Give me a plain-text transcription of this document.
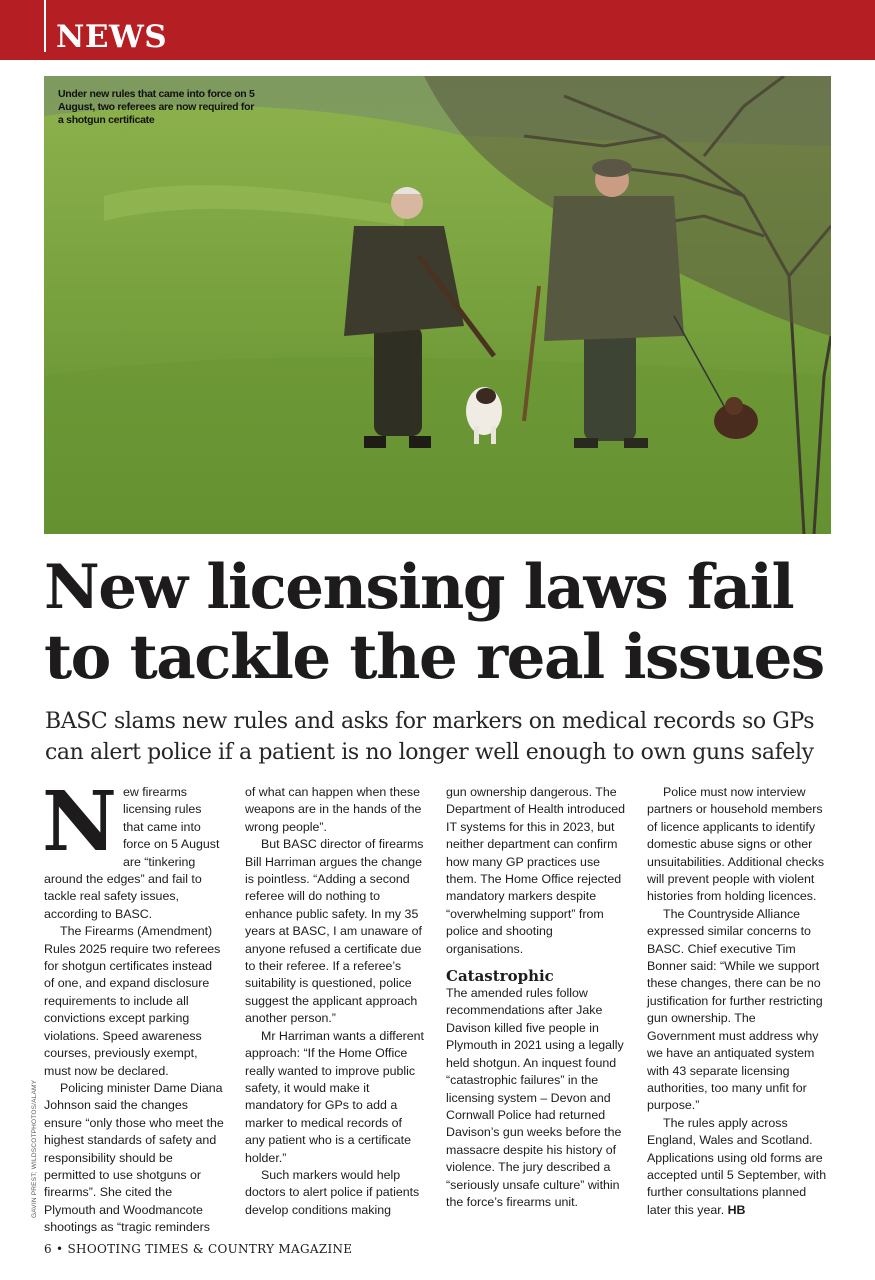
NEWS
Under new rules that came into force on 5 August, two referees are now required for a shotgun certificate
New licensing laws fail to tackle the real issues
BASC slams new rules and asks for markers on medical records so GPs can alert police if a patient is no longer well enough to own guns safely
N ew firearms licensing rules that came into force on 5 August are “tinkering around the edges” and fail to tackle real safety issues, according to BASC.

The Firearms (Amendment) Rules 2025 require two referees for shotgun certificates instead of one, and expand disclosure requirements to include all convictions except parking violations. Speed awareness courses, previously exempt, must now be declared.

Policing minister Dame Diana Johnson said the changes ensure “only those who meet the highest standards of safety and responsibility should be permitted to use shotguns or firearms”. She cited the Plymouth and Woodmancote shootings as “tragic reminders

of what can happen when these weapons are in the hands of the wrong people”.

But BASC director of firearms Bill Harriman argues the change is pointless. “Adding a second referee will do nothing to enhance public safety. In my 35 years at BASC, I am unaware of anyone refused a certificate due to their referee. If a referee’s suitability is questioned, police suggest the applicant approach another person.”

Mr Harriman wants a different approach: “If the Home Office really wanted to improve public safety, it would make it mandatory for GPs to add a marker to medical records of any patient who is a certificate holder.”

Such markers would help doctors to alert police if patients develop conditions making

gun ownership dangerous. The Department of Health introduced IT systems for this in 2023, but neither department can confirm how many GP practices use them. The Home Office rejected mandatory markers despite “overwhelming support” from police and shooting organisations.

Catastrophic

The amended rules follow recommendations after Jake Davison killed five people in Plymouth in 2021 using a legally held shotgun. An inquest found “catastrophic failures” in the licensing system – Devon and Cornwall Police had returned Davison’s gun weeks before the massacre despite his history of violence. The jury described a “seriously unsafe culture” within the force’s firearms unit.

Police must now interview partners or household members of licence applicants to identify domestic abuse signs or other unsuitabilities. Additional checks will prevent people with violent histories from holding licences.

The Countryside Alliance expressed similar concerns to BASC. Chief executive Tim Bonner said: “While we support these changes, there can be no justification for further restricting gun ownership. The Government must address why we have an antiquated system with 43 separate licensing authorities, too many unfit for purpose.”

The rules apply across England, Wales and Scotland. Applications using old forms are accepted until 5 September, with further consultations planned later this year. HB

GAVIN PREST; WILDSCOTPHOTOS/ALAMY
6 • SHOOTING TIMES & COUNTRY MAGAZINE
